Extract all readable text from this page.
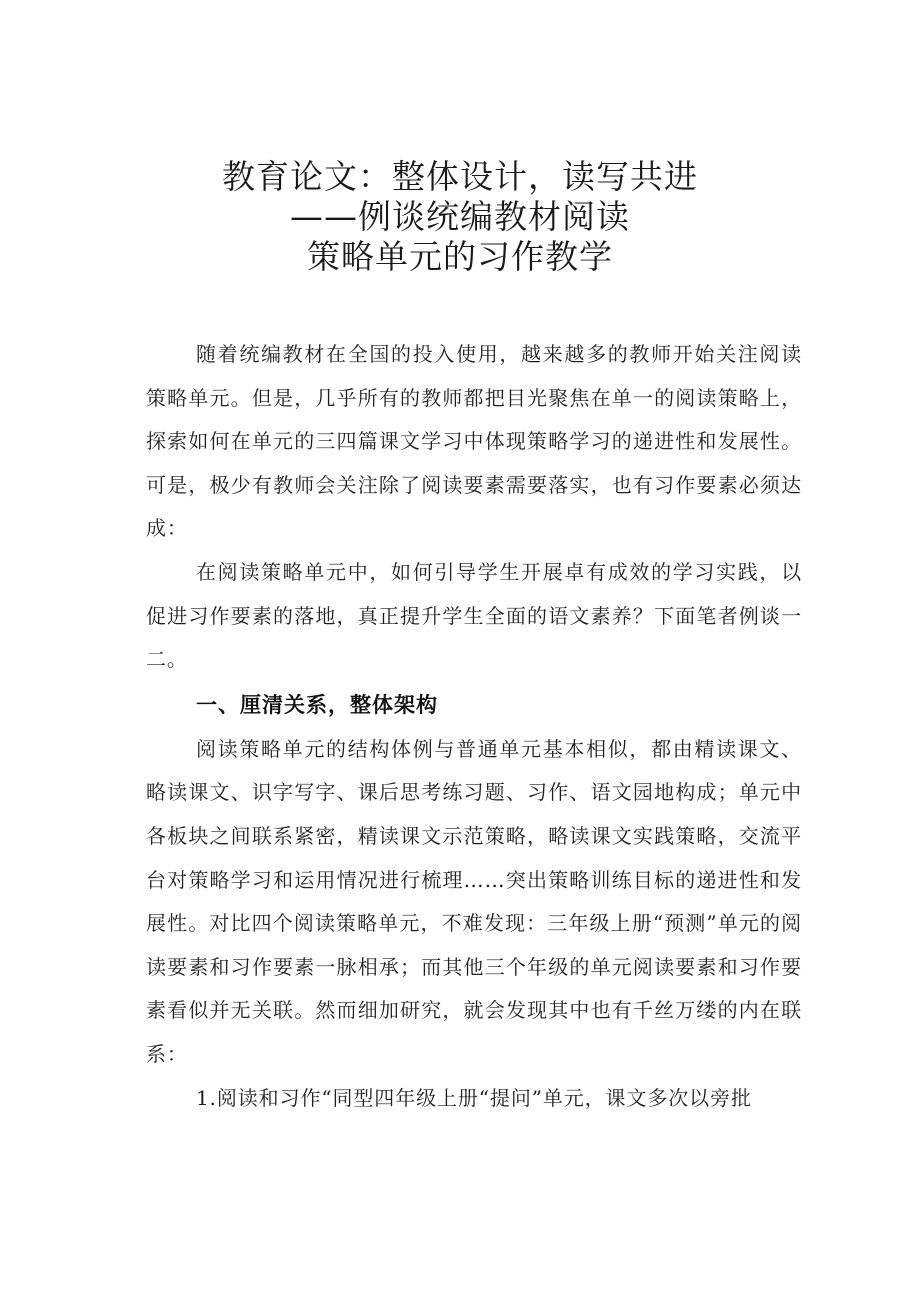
教育论文：整体设计，读写共进
——例谈统编教材阅读
策略单元的习作教学

随着统编教材在全国的投入使用，越来越多的教师开始关注阅读策略单元。但是，几乎所有的教师都把目光聚焦在单一的阅读策略上，探索如何在单元的三四篇课文学习中体现策略学习的递进性和发展性。可是，极少有教师会关注除了阅读要素需要落实，也有习作要素必须达成：

在阅读策略单元中，如何引导学生开展卓有成效的学习实践，以促进习作要素的落地，真正提升学生全面的语文素养？下面笔者例谈一二。

一、厘清关系，整体架构

阅读策略单元的结构体例与普通单元基本相似，都由精读课文、略读课文、识字写字、课后思考练习题、习作、语文园地构成；单元中各板块之间联系紧密，精读课文示范策略，略读课文实践策略，交流平台对策略学习和运用情况进行梳理……突出策略训练目标的递进性和发展性。对比四个阅读策略单元，不难发现：三年级上册“预测”单元的阅读要素和习作要素一脉相承；而其他三个年级的单元阅读要素和习作要素看似并无关联。然而细加研究，就会发现其中也有千丝万缕的内在联系：

1.阅读和习作“同型四年级上册“提问”单元，课文多次以旁批
